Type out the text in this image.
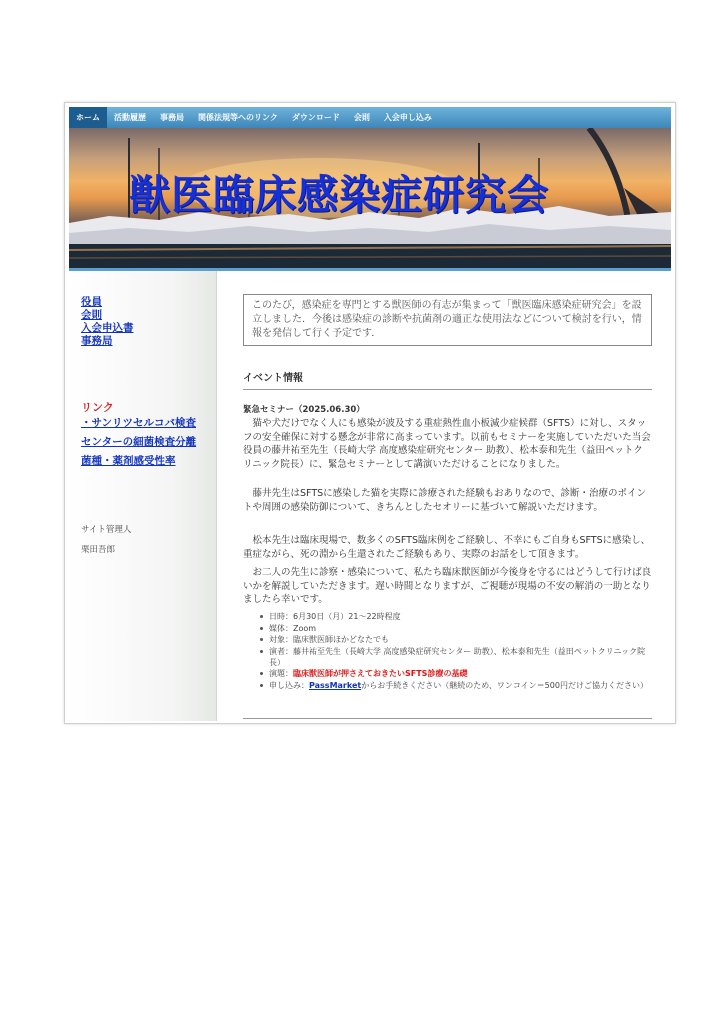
ホーム	活動履歴	事務局	関係法規等へのリンク	ダウンロード	会則	入会申し込み
獣医臨床感染症研究会
役員
会則
入会申込書
事務局
リンク
・サンリツセルコバ検査センターの細菌検査分離菌種・薬剤感受性率
サイト管理人
栗田吾郎
このたび，感染症を専門とする獣医師の有志が集まって「獣医臨床感染症研究会」を設立しました．今後は感染症の診断や抗菌剤の適正な使用法などについて検討を行い，情報を発信して行く予定です．
イベント情報
緊急セミナー（2025.06.30）
猫や犬だけでなく人にも感染が波及する重症熱性血小板減少症候群（SFTS）に対し、スタッフの安全確保に対する懸念が非常に高まっています。以前もセミナーを実施していただいた当会役員の藤井祐至先生（長崎大学 高度感染症研究センター 助教）、松本泰和先生（益田ペットクリニック院長）に、緊急セミナーとして講演いただけることになりました。
藤井先生はSFTSに感染した猫を実際に診療された経験もおありなので、診断・治療のポイントや周囲の感染防御について、きちんとしたセオリーに基づいて解説いただけます。
松本先生は臨床現場で、数多くのSFTS臨床例をご経験し、不幸にもご自身もSFTSに感染し、重症ながら、死の淵から生還されたご経験もあり、実際のお話をして頂きます。
お二人の先生に診察・感染について、私たち臨床獣医師が今後身を守るにはどうして行けば良いかを解説していただきます。遅い時間となりますが、ご視聴が現場の不安の解消の一助となりましたら幸いです。
日時：6月30日（月）21〜22時程度
媒体：Zoom
対象：臨床獣医師ほかどなたでも
演者：藤井祐至先生（長崎大学 高度感染症研究センター 助教）、松本泰和先生（益田ペットクリニック院長）
演題：臨床獣医師が押さえておきたいSFTS診療の基礎
申し込み：PassMarketからお手続きください（継続のため、ワンコイン＝500円だけご協力ください）
